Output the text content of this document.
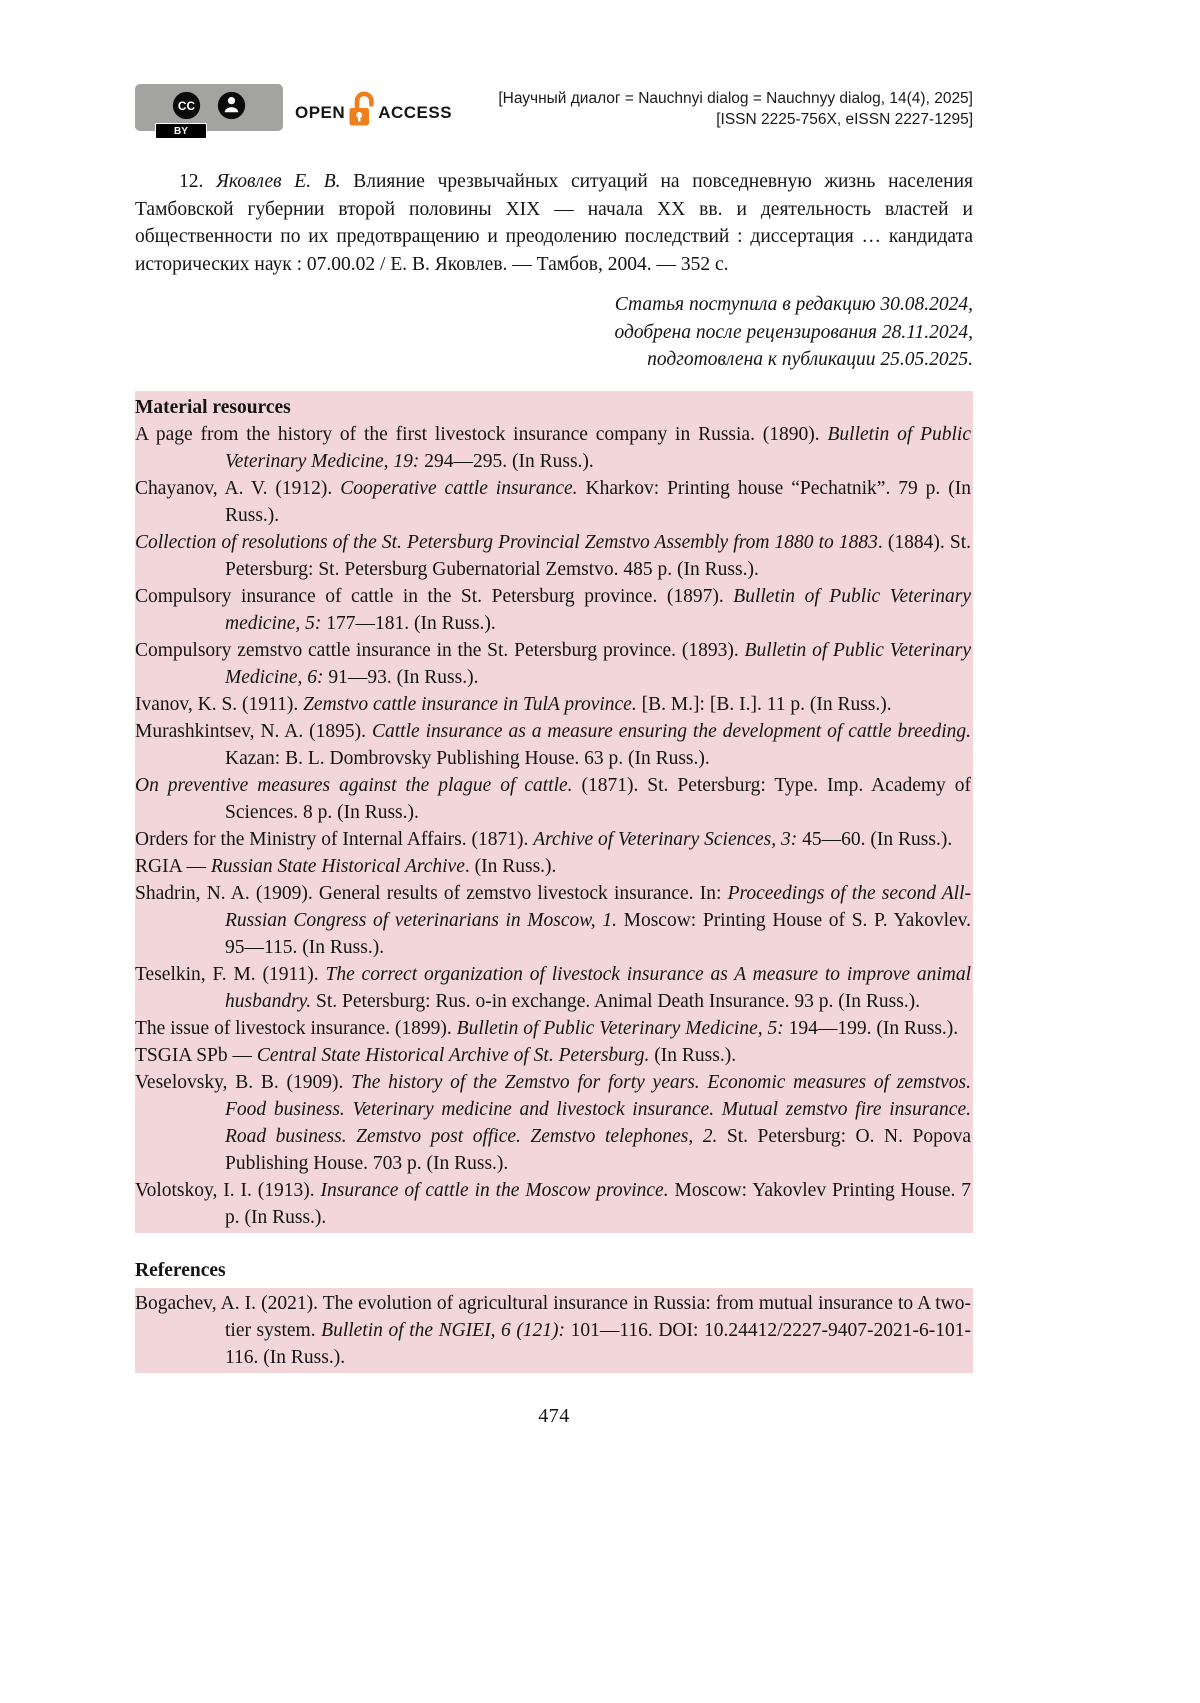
CC
BY
OPEN ACCESS
[Научный диалог = Nauchnyi dialog = Nauchnyy dialog, 14(4), 2025]
[ISSN 2225-756X, eISSN 2227-1295]

12. Яковлев Е. В. Влияние чрезвычайных ситуаций на повседневную жизнь населения Тамбовской губернии второй половины XIX — начала XX вв. и деятельность властей и общественности по их предотвращению и преодолению последствий : диссертация … кандидата исторических наук : 07.00.02 / Е. В. Яковлев. — Тамбов, 2004. — 352 с.

Статья поступила в редакцию 30.08.2024,
одобрена после рецензирования 28.11.2024,
подготовлена к публикации 25.05.2025.
Material resources

A page from the history of the first livestock insurance company in Russia. (1890). Bulletin of Public Veterinary Medicine, 19: 294—295. (In Russ.).

Chayanov, A. V. (1912). Cooperative cattle insurance. Kharkov: Printing house “Pechatnik”. 79 p. (In Russ.).

Collection of resolutions of the St. Petersburg Provincial Zemstvo Assembly from 1880 to 1883. (1884). St. Petersburg: St. Petersburg Gubernatorial Zemstvo. 485 p. (In Russ.).

Compulsory insurance of cattle in the St. Petersburg province. (1897). Bulletin of Public Veterinary medicine, 5: 177—181. (In Russ.).

Compulsory zemstvo cattle insurance in the St. Petersburg province. (1893). Bulletin of Public Veterinary Medicine, 6: 91—93. (In Russ.).

Ivanov, K. S. (1911). Zemstvo cattle insurance in TulA province. [B. M.]: [B. I.]. 11 p. (In Russ.).

Murashkintsev, N. A. (1895). Cattle insurance as a measure ensuring the development of cattle breeding. Kazan: B. L. Dombrovsky Publishing House. 63 p. (In Russ.).

On preventive measures against the plague of cattle. (1871). St. Petersburg: Type. Imp. Academy of Sciences. 8 p. (In Russ.).

Orders for the Ministry of Internal Affairs. (1871). Archive of Veterinary Sciences, 3: 45—60. (In Russ.).

RGIA — Russian State Historical Archive. (In Russ.).

Shadrin, N. A. (1909). General results of zemstvo livestock insurance. In: Proceedings of the second All-Russian Congress of veterinarians in Moscow, 1. Moscow: Printing House of S. P. Yakovlev. 95—115. (In Russ.).

Teselkin, F. M. (1911). The correct organization of livestock insurance as A measure to improve animal husbandry. St. Petersburg: Rus. o-in exchange. Animal Death Insurance. 93 p. (In Russ.).

The issue of livestock insurance. (1899). Bulletin of Public Veterinary Medicine, 5: 194—199. (In Russ.).

TSGIA SPb — Central State Historical Archive of St. Petersburg. (In Russ.).

Veselovsky, B. B. (1909). The history of the Zemstvo for forty years. Economic measures of zemstvos. Food business. Veterinary medicine and livestock insurance. Mutual zemstvo fire insurance. Road business. Zemstvo post office. Zemstvo telephones, 2. St. Petersburg: O. N. Popova Publishing House. 703 p. (In Russ.).

Volotskoy, I. I. (1913). Insurance of cattle in the Moscow province. Moscow: Yakovlev Printing House. 7 p. (In Russ.).

References

Bogachev, A. I. (2021). The evolution of agricultural insurance in Russia: from mutual insurance to A two-tier system. Bulletin of the NGIEI, 6 (121): 101—116. DOI: 10.24412/2227-9407-2021-6-101-116. (In Russ.).

474
